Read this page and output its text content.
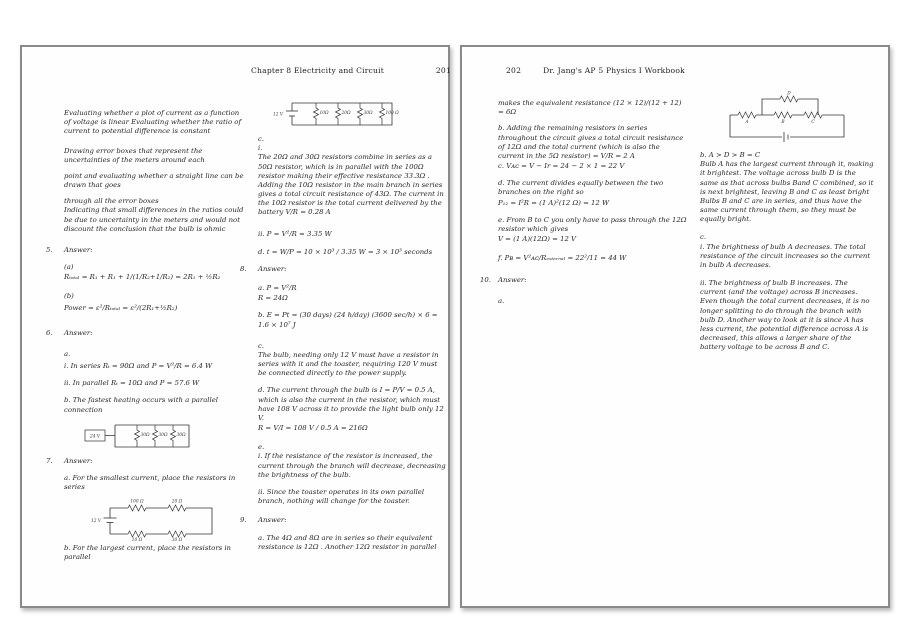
Chapter 8 Electricity and Circuit	201

Evaluating whether a plot of current as a function of voltage is linear Evaluating whether the ratio of current to potential difference is constant

Drawing error boxes that represent the uncertainties of the meters around each

point and evaluating whether a straight line can be drawn that goes

through all the error boxes

Indicating that small differences in the ratios could be due to uncertainty in the meters and would not discount the conclusion that the bulb is ohmic

5. Answer:

(a)

Rₜₒₜₐₗ = R₁ + R₁ + 1/(1/R₂+1/R₂) = 2R₁ + ½R₂

(b)

Power = ε²/Rₜₒₜₐₗ = ε²/(2R₁+½R₂)

6. Answer:

a.

i. In series Rₜ = 90Ω and P = V²/R = 6.4 W

ii. In parallel Rₜ = 10Ω and P = 57.6 W

b. The fastest heating occurs with a parallel connection

24 V	30Ω 30Ω 30Ω
7. Answer:

a. For the smallest current, place the resistors in series

12 V
100 Ω	20 Ω
10 Ω	30 Ω

b. For the largest current, place the resistors in parallel

12 V	10Ω	20Ω	30Ω	100 Ω

c.

i.

The 20Ω and 30Ω resistors combine in series as a 50Ω resistor, which is in parallel with the 100Ω resistor making their effective resistance 33.3Ω . Adding the 10Ω resistor in the main branch in series gives a total circuit resistance of 43Ω. The current in the 10Ω resistor is the total current delivered by the battery V/R = 0.28 A

ii. P = V²/R = 3.35 W

d. t = W/P = 10 × 10³ / 3.35 W = 3 × 10³ seconds

8. Answer:

a. P = V²/R

R = 24Ω

b. E = Pt = (30 days) (24 h/day) (3600 sec/h) × 6 = 1.6 × 10⁷ J

c.

The bulb, needing only 12 V must have a resistor in series with it and the toaster, requiring 120 V must be connected directly to the power supply.

d. The current through the bulb is I = P/V = 0.5 A, which is also the current in the resistor, which must have 108 V across it to provide the light bulb only 12 V.

R = V/I = 108 V / 0.5 A = 216Ω

e.

i. If the resistance of the resistor is increased, the current through the branch will decrease, decreasing the brightness of the bulb.

ii. Since the toaster operates in its own parallel branch, nothing will change for the toaster.

9. Answer:

a. The 4Ω and 8Ω are in series so their equivalent resistance is 12Ω . Another 12Ω resistor in parallel

202	Dr. Jang's AP 5 Physics I Workbook

makes the equivalent resistance (12 × 12)/(12 + 12) = 6Ω

b. Adding the remaining resistors in series throughout the circuit gives a total circuit resistance of 12Ω and the total current (which is also the current in the 5Ω resistor) = V/R = 2 A

c. Vᴀᴄ = V − Ir = 24 − 2 × 1 = 22 V

d. The current divides equally between the two branches on the right so

P₁₂ = I²R = (1 A)²(12 Ω) = 12 W

e. From B to C you only have to pass through the 12Ω resistor which gives

V = (1 A)(12Ω) = 12 V

f. Pʙ = V²ᴀᴄ/Rₑₓₜₑᵣₙₐₗ = 22²/11 = 44 W

10. Answer:

a.

A	B	C
D

b. A > D > B = C

Bulb A has the largest current through it, making it brightest. The voltage across bulb D is the same as that across bulbs Band C combined, so it is next brightest, leaving B and C as least bright Bulbs B and C are in series, and thus have the same current through them, so they must be equally bright.

c.

i. The brightness of bulb A decreases. The total resistance of the circuit increases so the current in bulb A decreases.

ii. The brightness of bulb B increases. The current (and the voltage) across B increases. Even though the total current decreases, it is no longer splitting to do through the branch with bulb D. Another way to look at it is since A has less current, the potential difference across A is decreased, this allows a larger share of the battery voltage to be across B and C.
